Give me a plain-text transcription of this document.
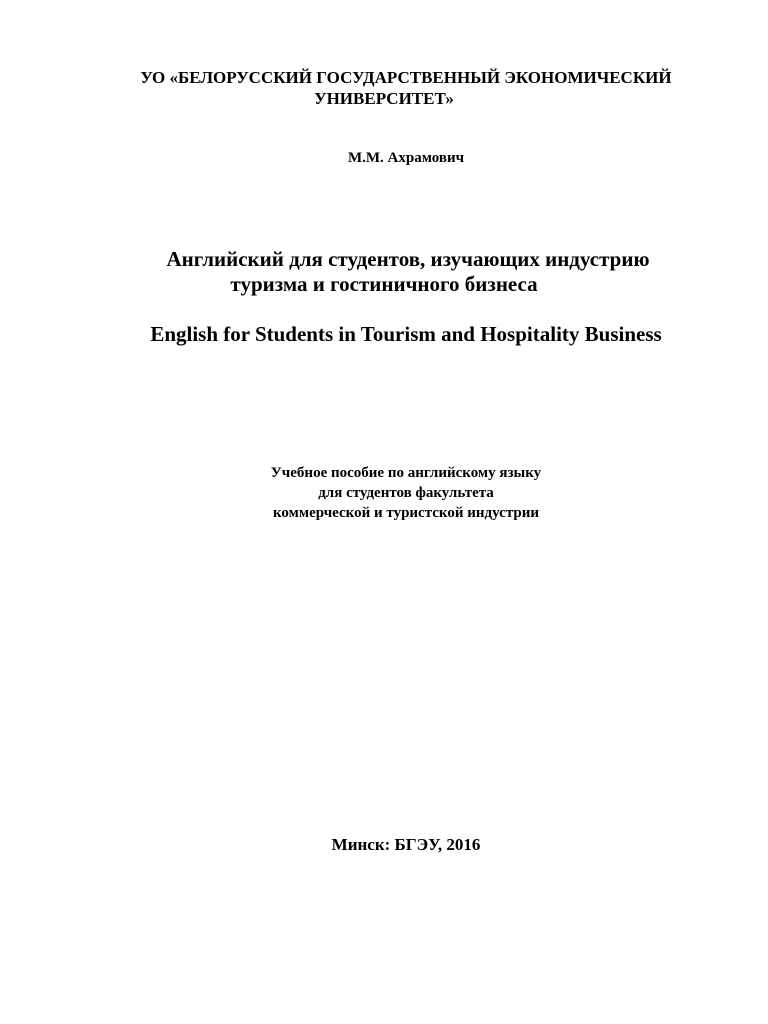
УО «БЕЛОРУССКИЙ ГОСУДАРСТВЕННЫЙ ЭКОНОМИЧЕСКИЙ

УНИВЕРСИТЕТ»

М.М. Ахрамович

Английский для студентов, изучающих индустрию

туризма и гостиничного бизнеса

English for Students in Tourism and Hospitality Business

Учебное пособие по английскому языку

для студентов факультета

коммерческой и туристской индустрии

Минск: БГЭУ, 2016
